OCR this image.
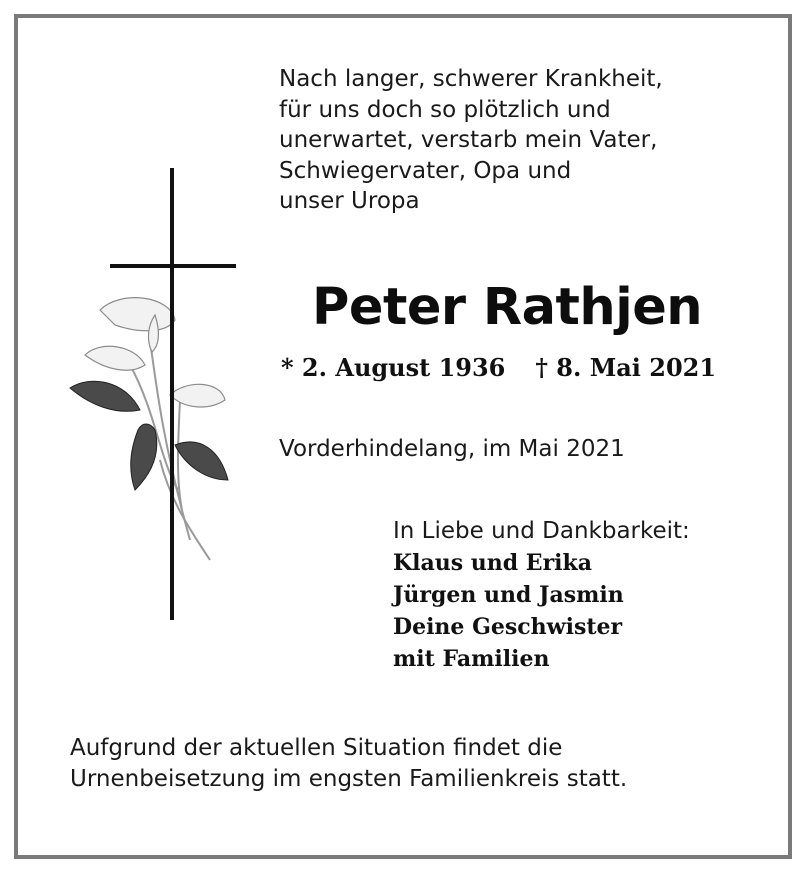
Nach langer, schwerer Krankheit,
für uns doch so plötzlich und
unerwartet, verstarb mein Vater,
Schwiegervater, Opa und
unser Uropa
Peter Rathjen
* 2. August 1936 † 8. Mai 2021
Vorderhindelang, im Mai 2021
In Liebe und Dankbarkeit:
Klaus und Erika
Jürgen und Jasmin
Deine Geschwister
mit Familien
Aufgrund der aktuellen Situation findet die
Urnenbeisetzung im engsten Familienkreis statt.
